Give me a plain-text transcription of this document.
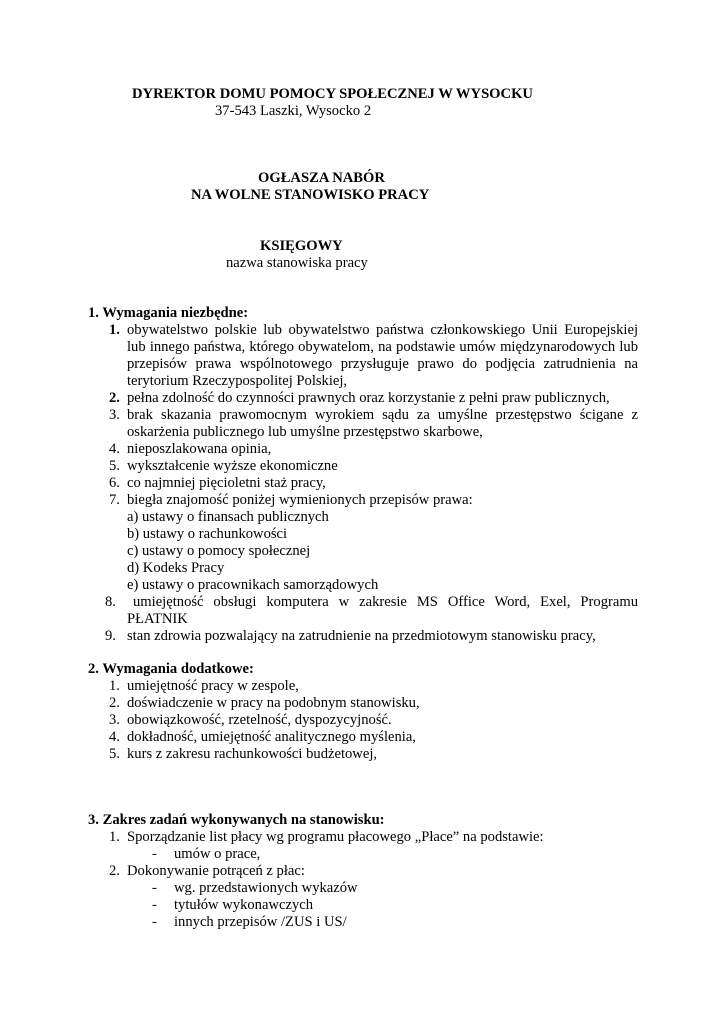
DYREKTOR DOMU POMOCY SPOŁECZNEJ W WYSOCKU
37-543 Laszki, Wysocko 2
OGŁASZA NABÓR
NA WOLNE STANOWISKO PRACY
KSIĘGOWY
nazwa stanowiska pracy
1. Wymagania niezbędne:
1. obywatelstwo polskie lub obywatelstwo państwa członkowskiego Unii Europejskiej
lub innego państwa, którego obywatelom, na podstawie umów międzynarodowych lub
przepisów prawa wspólnotowego przysługuje prawo do podjęcia zatrudnienia na
terytorium Rzeczypospolitej Polskiej,
2. pełna zdolność do czynności prawnych oraz korzystanie z pełni praw publicznych,
3. brak skazania prawomocnym wyrokiem sądu za umyślne przestępstwo ścigane z
oskarżenia publicznego lub umyślne przestępstwo skarbowe,
4. nieposzlakowana opinia,
5. wykształcenie wyższe ekonomiczne
6. co najmniej pięcioletni staż pracy,
7. biegła znajomość poniżej wymienionych przepisów prawa:
a) ustawy o finansach publicznych
b) ustawy o rachunkowości
c) ustawy o pomocy społecznej
d) Kodeks Pracy
e) ustawy o pracownikach samorządowych
8. umiejętność obsługi komputera w zakresie MS Office Word, Exel, Programu
PŁATNIK
9. stan zdrowia pozwalający na zatrudnienie na przedmiotowym stanowisku pracy,
2. Wymagania dodatkowe:
1. umiejętność pracy w zespole,
2. doświadczenie w pracy na podobnym stanowisku,
3. obowiązkowość, rzetelność, dyspozycyjność.
4. dokładność, umiejętność analitycznego myślenia,
5. kurs z zakresu rachunkowości budżetowej,
3. Zakres zadań wykonywanych na stanowisku:
1. Sporządzanie list płacy wg programu płacowego „Płace” na podstawie:
- umów o prace,
2. Dokonywanie potrąceń z płac:
- wg. przedstawionych wykazów
- tytułów wykonawczych
- innych przepisów /ZUS i US/
